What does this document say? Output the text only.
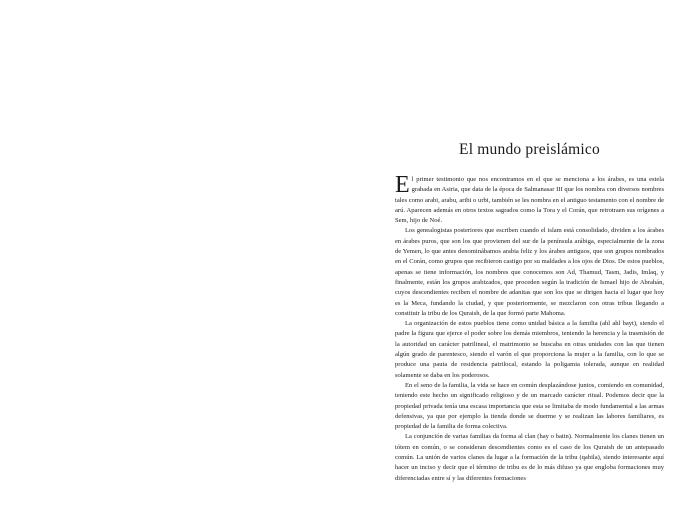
El mundo preislámico

El primer testimonio que nos encontramos en el que se menciona a los árabes, es una estela grabada en Asiria, que data de la época de Salmanasar III que los nombra con diversos nombres tales como arabi, arabu, aribi o urbi, también se les nombra en el antiguo testamento con el nombre de arú. Aparecen además en otros textos sagrados como la Tora y el Corán, que retrotraen sus orígenes a Sem, hijo de Noé.

Los genealogistas posteriores que escriben cuando el islam está consolidado, dividen a los árabes en árabes puros, que son los que provienen del sur de la península arábiga, especialmente de la zona de Yemen, lo que antes denominábamos arabia feliz y los árabes antiguos, que son grupos nombrados en el Corán, como grupos que recibieron castigo por su maldades a los ojos de Dios. De estos pueblos, apenas se tiene información, los nombres que conocemos son Ad, Thamud, Tasm, Jadis, Imlaq, y finalmente, están los grupos arabizados, que proceden según la tradición de Ismael hijo de Abrahán, cuyos descendientes reciben el nombre de adanitas que son los que se dirigen hacia el lugar que hoy es la Meca, fundando la ciudad, y que posteriormente, se mezclaron con otras tribus llegando a constituir la tribu de los Quraish, de la que formó parte Mahoma.

La organización de estos pueblos tiene como unidad básica a la familia (ahl ahl bayt), siendo el padre la figura que ejerce el poder sobre los demás miembros, teniendo la herencia y la trasmisión de la autoridad un carácter patrilineal, el matrimonio se buscaba en otras unidades con las que tienen algún grado de parentesco, siendo el varón el que proporciona la mujer a la familia, con lo que se produce una pauta de residencia patrilocal, estando la poligamia tolerada, aunque en realidad solamente se daba en los poderosos.

En el seno de la familia, la vida se hace en común desplazándose juntos, comiendo en comunidad, teniendo este hecho un significado religioso y de un marcado carácter ritual. Podemos decir que la propiedad privada tenía una escasa importancia que esta se limitaba de modo fundamental a las armas defensivas, ya que por ejemplo la tienda donde se duerme y se realizan las labores familiares, es propiedad de la familia de forma colectiva.

La conjunción de varias familias da forma al clan (hay o batin). Normalmente los clanes tienen un tótem en común, o se consideran descendientes como es el caso de los Quraish de un antepasado común. La unión de varios clanes da lugar a la formación de la tribu (qabila), siendo interesante aquí hacer un inciso y decir que el término de tribu es de lo más difuso ya que engloba formaciones muy diferenciadas entre sí y las diferentes formaciones
